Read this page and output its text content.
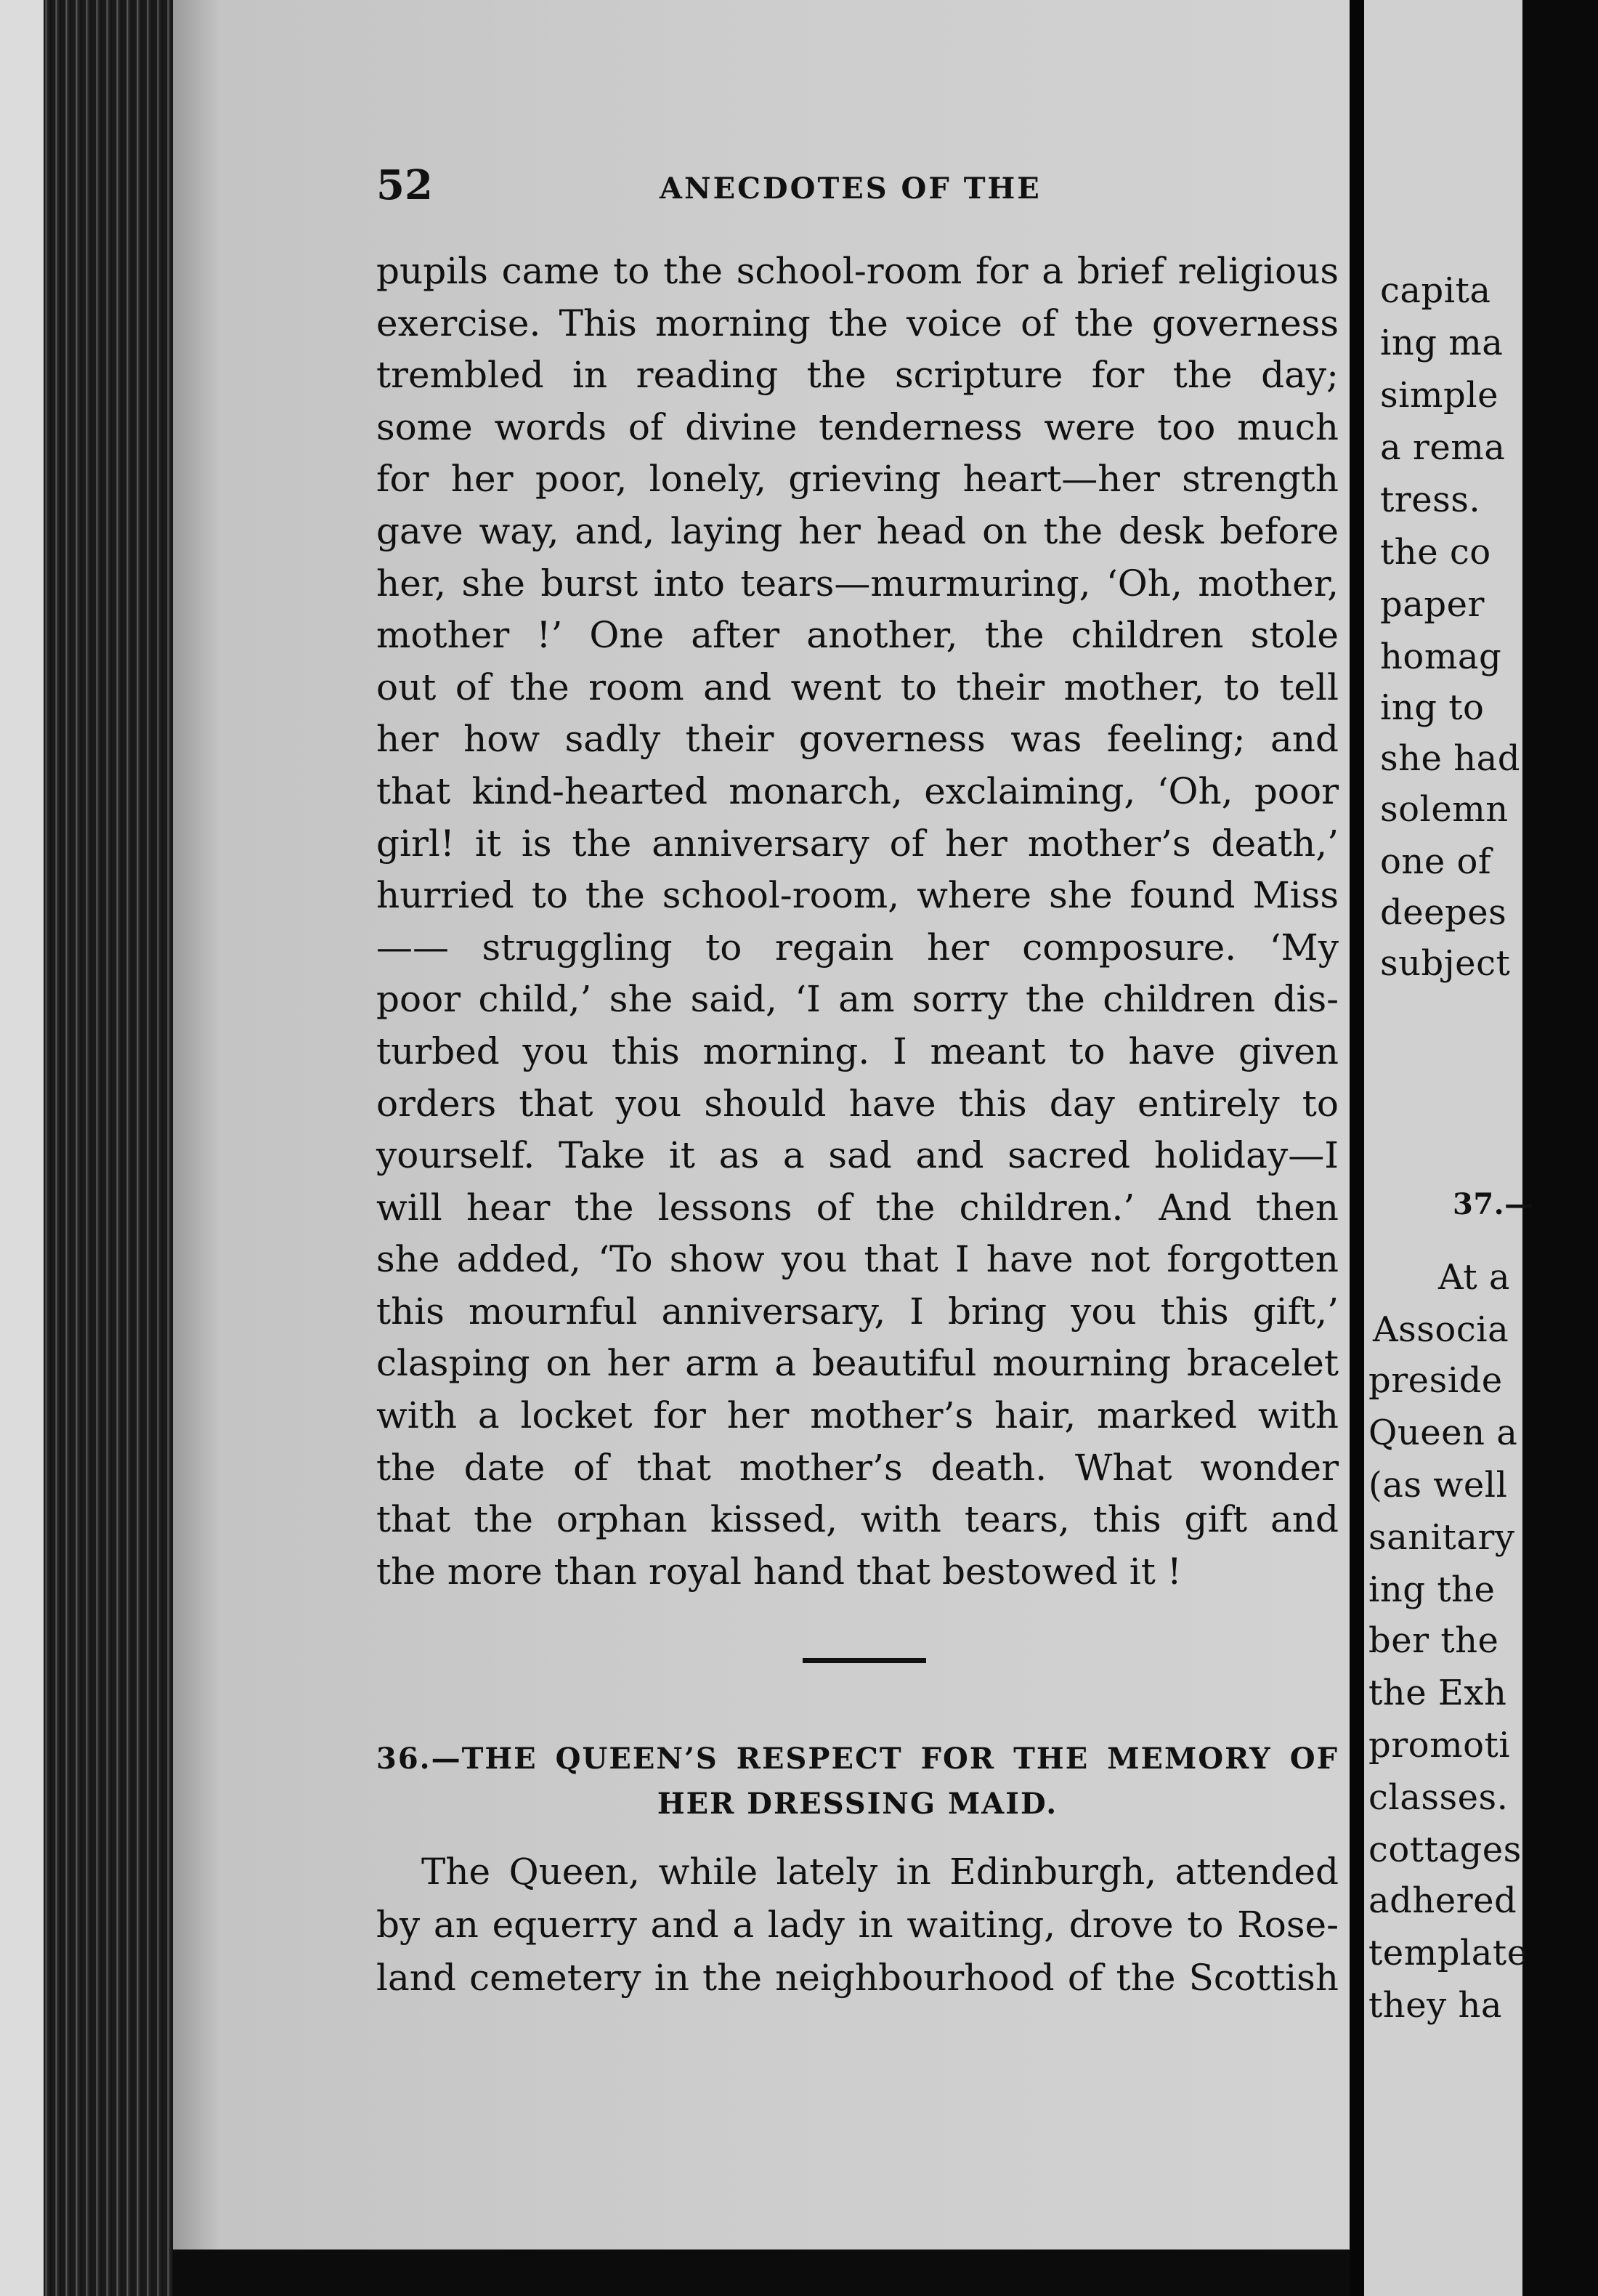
capita
ing ma
simple
a rema
tress.
the co
paper
homag
ing to
she had
solemn
one of
deepes
subject
37.—
At a
Associa
preside
Queen a
(as well
sanitary
ing the
ber the
the Exh
promoti
classes.
cottages
adhered
template
they ha
52	ANECDOTES OF THE
pupils came to the school-room for a brief religious
exercise. This morning the voice of the governess
trembled in reading the scripture for the day;
some words of divine tenderness were too much
for her poor, lonely, grieving heart—her strength
gave way, and, laying her head on the desk before
her, she burst into tears—murmuring, ‘Oh, mother,
mother !’ One after another, the children stole
out of the room and went to their mother, to tell
her how sadly their governess was feeling; and
that kind-hearted monarch, exclaiming, ‘Oh, poor
girl! it is the anniversary of her mother’s death,’
hurried to the school-room, where she found Miss
—— struggling to regain her composure. ‘My
poor child,’ she said, ‘I am sorry the children dis-
turbed you this morning. I meant to have given
orders that you should have this day entirely to
yourself. Take it as a sad and sacred holiday—I
will hear the lessons of the children.’ And then
she added, ‘To show you that I have not forgotten
this mournful anniversary, I bring you this gift,’
clasping on her arm a beautiful mourning bracelet
with a locket for her mother’s hair, marked with
the date of that mother’s death. What wonder
that the orphan kissed, with tears, this gift and
the more than royal hand that bestowed it !
36.—THE QUEEN’S RESPECT FOR THE MEMORY OF
HER DRESSING MAID.
The Queen, while lately in Edinburgh, attended
by an equerry and a lady in waiting, drove to Rose-
land cemetery in the neighbourhood of the Scottish
